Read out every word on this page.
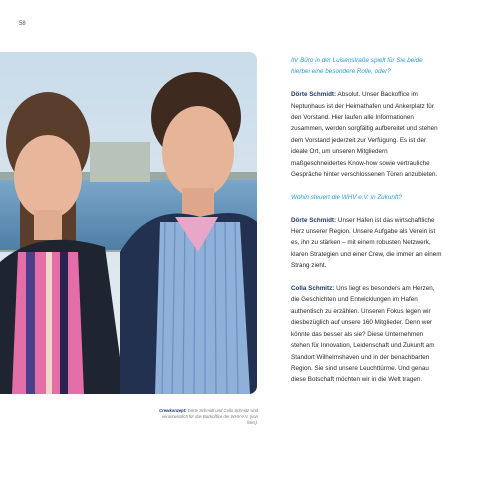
58
Crewkonzept: Dörte Schmidt und Colla Schmitz sind verantwortlich für das Backoffice der WHV e.V. (von links).

Ihr Büro in der Luisenstraße spielt für Sie beide hierbei eine besondere Rolle, oder?

Dörte Schmidt: Absolut. Unser Backoffice im Neptunhaus ist der Heimathafen und Ankerplatz für den Vorstand. Hier laufen alle Informationen zusammen, werden sorgfältig aufbereitet und stehen dem Vorstand jederzeit zur Verfügung. Es ist der ideale Ort, um unseren Mitgliedern maßgeschneidertes Know-how sowie vertrauliche Gespräche hinter verschlossenen Türen anzubieten.

Wohin steuert die WHV e.V. in Zukunft?

Dörte Schmidt: Unser Hafen ist das wirtschaftliche Herz unserer Region. Unsere Aufgabe als Verein ist es, ihn zu stärken – mit einem robusten Netzwerk, klaren Strategien und einer Crew, die immer an einem Strang zieht.

Colla Schmitz: Uns liegt es besonders am Herzen, die Geschichten und Entwicklungen im Hafen authentisch zu erzählen. Unseren Fokus legen wir diesbezüglich auf unsere 160 Mitglieder. Denn wer könnte das besser als sie? Diese Unternehmen stehen für Innovation, Leidenschaft und Zukunft am Standort Wilhelmshaven und in der benachbarten Region. Sie sind unsere Leuchttürme. Und genau diese Botschaft möchten wir in die Welt tragen.
